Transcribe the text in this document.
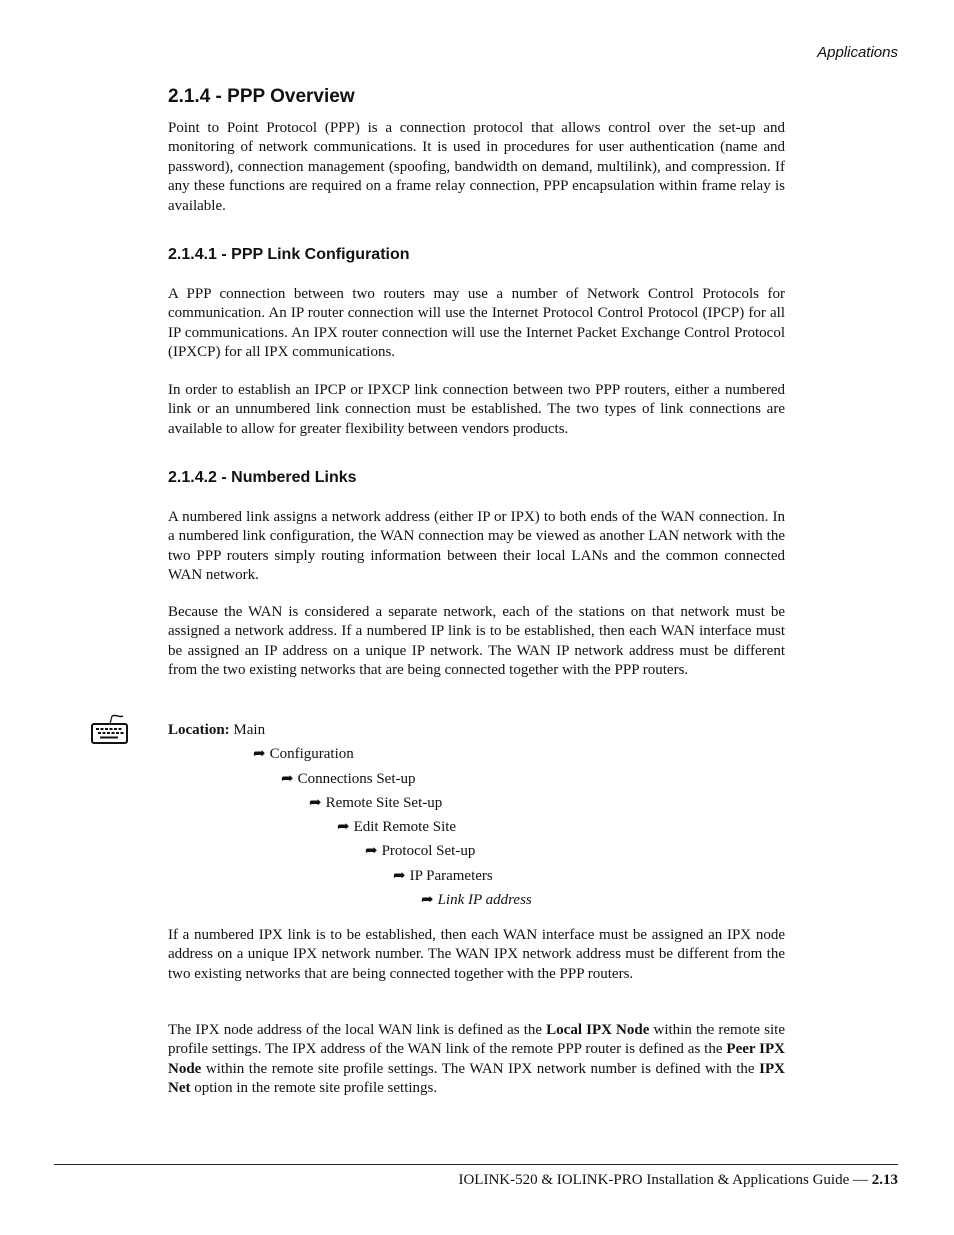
Applications
2.1.4 - PPP Overview

Point to Point Protocol (PPP) is a connection protocol that allows control over the set-up and monitoring of network communications. It is used in procedures for user authentication (name and password), connection management (spoofing, bandwidth on demand, multilink), and compression. If any these functions are required on a frame relay connection, PPP encapsulation within frame relay is available.

2.1.4.1 - PPP Link Configuration

A PPP connection between two routers may use a number of Network Control Protocols for communication. An IP router connection will use the Internet Protocol Control Protocol (IPCP) for all IP communications. An IPX router connection will use the Internet Packet Exchange Control Protocol (IPXCP) for all IPX communications.

In order to establish an IPCP or IPXCP link connection between two PPP routers, either a numbered link or an unnumbered link connection must be established. The two types of link connections are available to allow for greater flexibility between vendors products.

2.1.4.2 - Numbered Links

A numbered link assigns a network address (either IP or IPX) to both ends of the WAN connection. In a numbered link configuration, the WAN connection may be viewed as another LAN network with the two PPP routers simply routing information between their local LANs and the common connected WAN network.

Because the WAN is considered a separate network, each of the stations on that network must be assigned a network address. If a numbered IP link is to be established, then each WAN interface must be assigned an IP address on a unique IP network. The WAN IP network address must be different from the two existing networks that are being connected together with the PPP routers.

Location: Main
➦ Configuration
➦ Connections Set-up
➦ Remote Site Set-up
➦ Edit Remote Site
➦ Protocol Set-up
➦ IP Parameters
➦ Link IP address

If a numbered IPX link is to be established, then each WAN interface must be assigned an IPX node address on a unique IPX network number. The WAN IPX network address must be different from the two existing networks that are being connected together with the PPP routers.

The IPX node address of the local WAN link is defined as the Local IPX Node within the remote site profile settings. The IPX address of the WAN link of the remote PPP router is defined as the Peer IPX Node within the remote site profile settings. The WAN IPX network number is defined with the IPX Net option in the remote site profile settings.

IOLINK-520 & IOLINK-PRO Installation & Applications Guide — 2.13
